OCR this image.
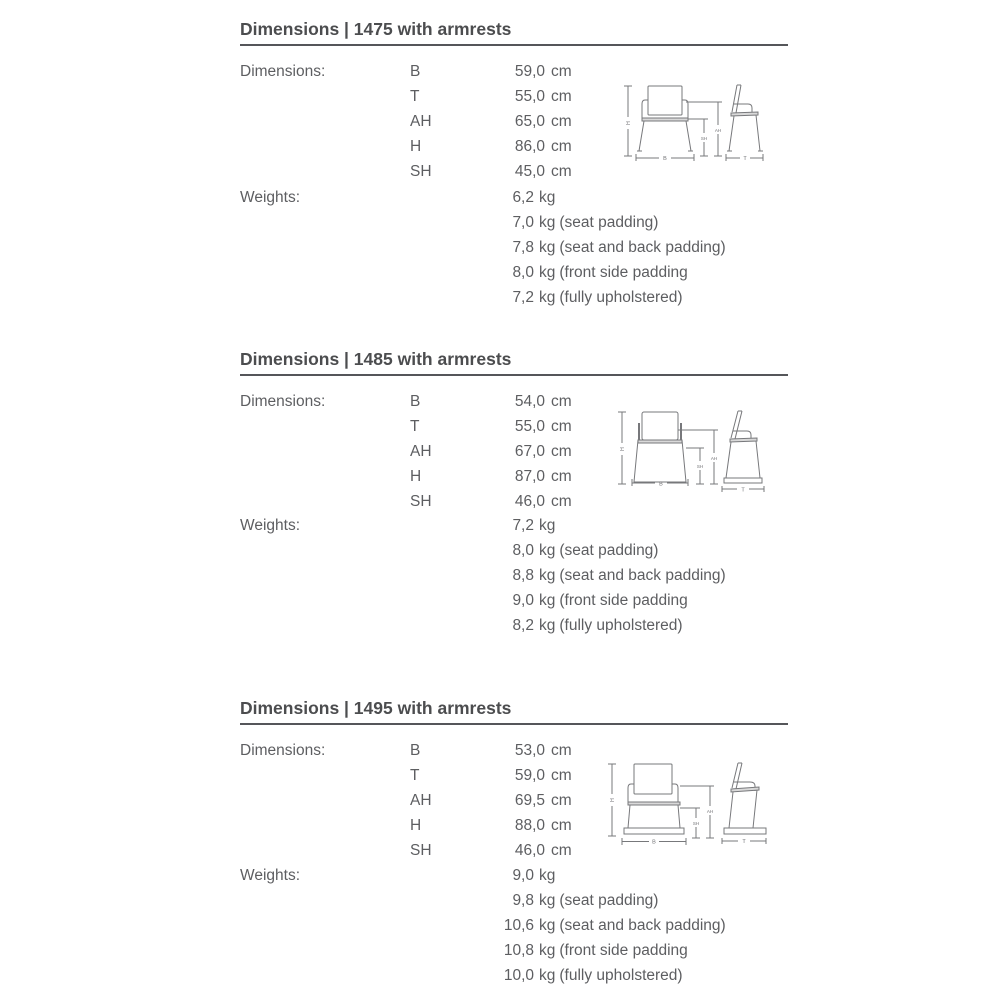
Dimensions | 1475 with armrests
Dimensions:	B	59,0 cm
T	55,0 cm
AH	65,0 cm
H	86,0 cm
SH	45,0 cm
Weights:	6,2 kg
7,0 kg (seat padding)
7,8 kg (seat and back padding)
8,0 kg (front side padding
7,2 kg (fully upholstered)
H
B
SH
AH
T
Dimensions | 1485 with armrests
Dimensions:	B	54,0 cm
T	55,0 cm
AH	67,0 cm
H	87,0 cm
SH	46,0 cm
Weights:	7,2 kg
8,0 kg (seat padding)
8,8 kg (seat and back padding)
9,0 kg (front side padding
8,2 kg (fully upholstered)
H
B
SH
AH
T
Dimensions | 1495 with armrests
Dimensions:	B	53,0 cm
T	59,0 cm
AH	69,5 cm
H	88,0 cm
SH	46,0 cm
Weights:	9,0 kg
9,8 kg (seat padding)
10,6 kg (seat and back padding)
10,8 kg (front side padding
10,0 kg (fully upholstered)
H
B
SH
AH
T
